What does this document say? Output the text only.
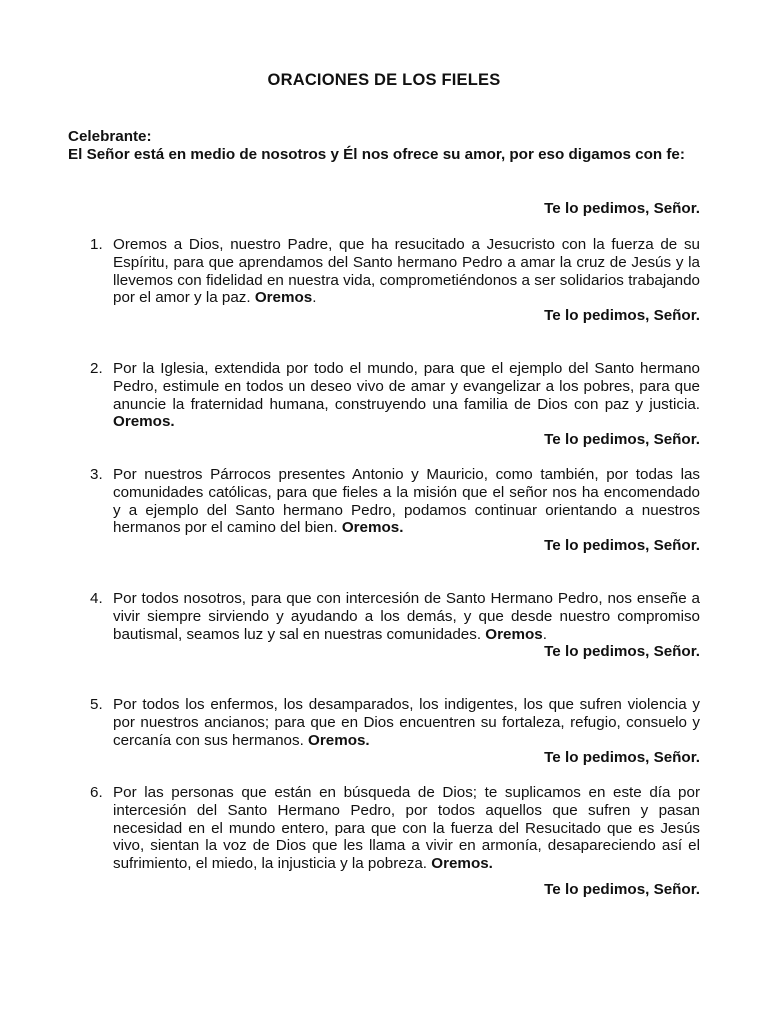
ORACIONES DE LOS FIELES
Celebrante:
El Señor está en medio de nosotros y Él nos ofrece su amor, por eso digamos con fe:
Te lo pedimos, Señor.
1. Oremos a Dios, nuestro Padre, que ha resucitado a Jesucristo con la fuerza de su Espíritu, para que aprendamos del Santo hermano Pedro a amar la cruz de Jesús y la llevemos con fidelidad en nuestra vida, comprometiéndonos a ser solidarios trabajando por el amor y la paz. Oremos.
Te lo pedimos, Señor.
2. Por la Iglesia, extendida por todo el mundo, para que el ejemplo del Santo hermano Pedro, estimule en todos un deseo vivo de amar y evangelizar a los pobres, para que anuncie la fraternidad humana, construyendo una familia de Dios con paz y justicia. Oremos.
Te lo pedimos, Señor.
3. Por nuestros Párrocos presentes Antonio y Mauricio, como también, por todas las comunidades católicas, para que fieles a la misión que el señor nos ha encomendado y a ejemplo del Santo hermano Pedro, podamos continuar orientando a nuestros hermanos por el camino del bien. Oremos.
Te lo pedimos, Señor.
4. Por todos nosotros, para que con intercesión de Santo Hermano Pedro, nos enseñe a vivir siempre sirviendo y ayudando a los demás, y que desde nuestro compromiso bautismal, seamos luz y sal en nuestras comunidades. Oremos.
Te lo pedimos, Señor.
5. Por todos los enfermos, los desamparados, los indigentes, los que sufren violencia y por nuestros ancianos; para que en Dios encuentren su fortaleza, refugio, consuelo y cercanía con sus hermanos. Oremos.
Te lo pedimos, Señor.
6. Por las personas que están en búsqueda de Dios; te suplicamos en este día por intercesión del Santo Hermano Pedro, por todos aquellos que sufren y pasan necesidad en el mundo entero, para que con la fuerza del Resucitado que es Jesús vivo, sientan la voz de Dios que les llama a vivir en armonía, desapareciendo así el sufrimiento, el miedo, la injusticia y la pobreza. Oremos.
Te lo pedimos, Señor.
